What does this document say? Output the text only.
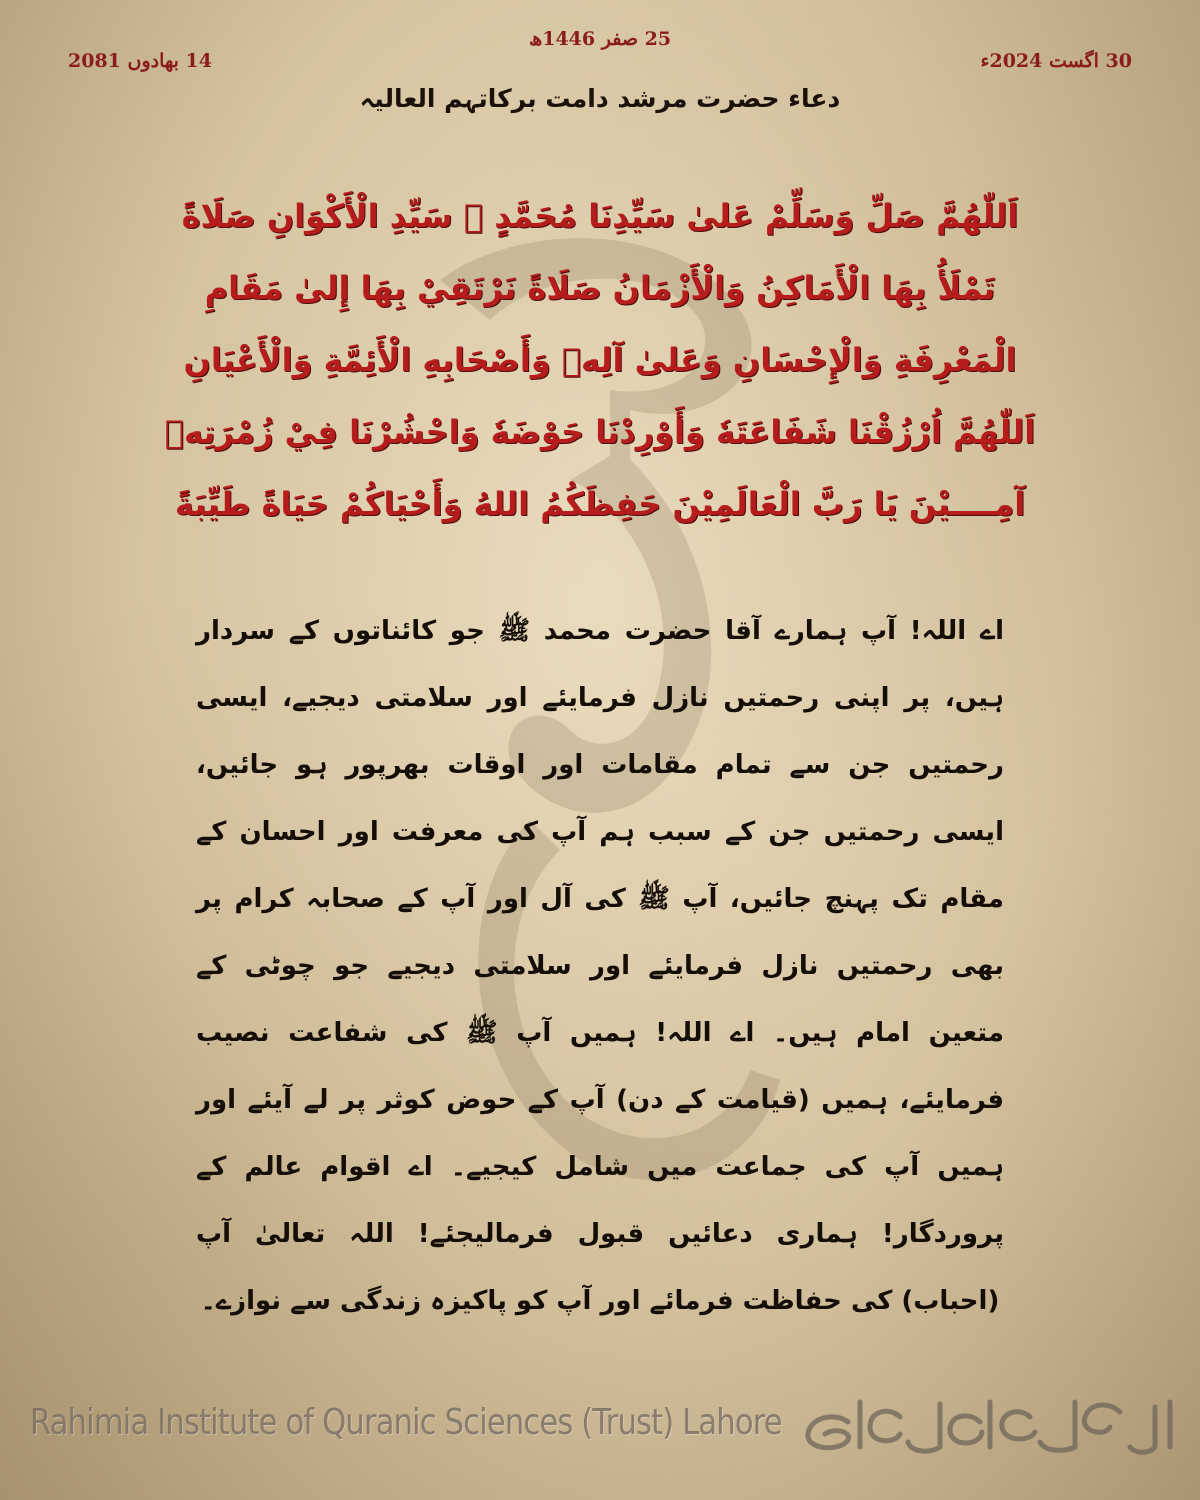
25 صفر 1446ھ
30 اگست 2024ء
14 بھادوں 2081
دعاء حضرت مرشد دامت برکاتہم العالیہ
اَللّٰهُمَّ صَلِّ وَسَلِّمْ عَلىٰ سَيِّدِنَا مُحَمَّدٍ ﷺ سَيِّدِ الْأَكْوَانِ صَلَاةً تَمْلَأُ بِهَا الْأَمَاكِنُ وَالْأَزْمَانُ صَلَاةً نَرْتَقِيْ بِهَا إِلىٰ مَقَامِ الْمَعْرِفَةِ وَالْإِحْسَانِ وَعَلىٰ آلِهٖ وَأَصْحَابِهِ الْأَئِمَّةِ وَالْأَعْيَانِ اَللّٰهُمَّ اُرْزُقْنَا شَفَاعَتَهٗ وَأَوْرِدْنَا حَوْضَهٗ وَاحْشُرْنَا فِيْ زُمْرَتِهٖ آمِــــيْنَ يَا رَبَّ الْعَالَمِيْنَ حَفِظَكُمُ اللهُ وَأَحْيَاكُمْ حَيَاةً طَيِّبَةً
اے اللہ! آپ ہمارے آقا حضرت محمد ﷺ جو کائناتوں کے سردار ہیں، پر اپنی رحمتیں نازل فرمایئے اور سلامتی دیجیے، ایسی رحمتیں جن سے تمام مقامات اور اوقات بھرپور ہو جائیں، ایسی رحمتیں جن کے سبب ہم آپ کی معرفت اور احسان کے مقام تک پہنچ جائیں، آپ ﷺ کی آل اور آپ کے صحابہ کرام پر بھی رحمتیں نازل فرمایئے اور سلامتی دیجیے جو چوٹی کے متعین امام ہیں۔ اے اللہ! ہمیں آپ ﷺ کی شفاعت نصیب فرمایئے، ہمیں (قیامت کے دن) آپ کے حوض کوثر پر لے آیئے اور ہمیں آپ کی جماعت میں شامل کیجیے۔ اے اقوام عالم کے پروردگار! ہماری دعائیں قبول فرمالیجئے! اللہ تعالیٰ آپ (احباب) کی حفاظت فرمائے اور آپ کو پاکیزہ زندگی سے نوازے۔
Rahimia Institute of Quranic Sciences (Trust) Lahore
ادارہ رحیمیہ علوم قرآنیہ لاہور
